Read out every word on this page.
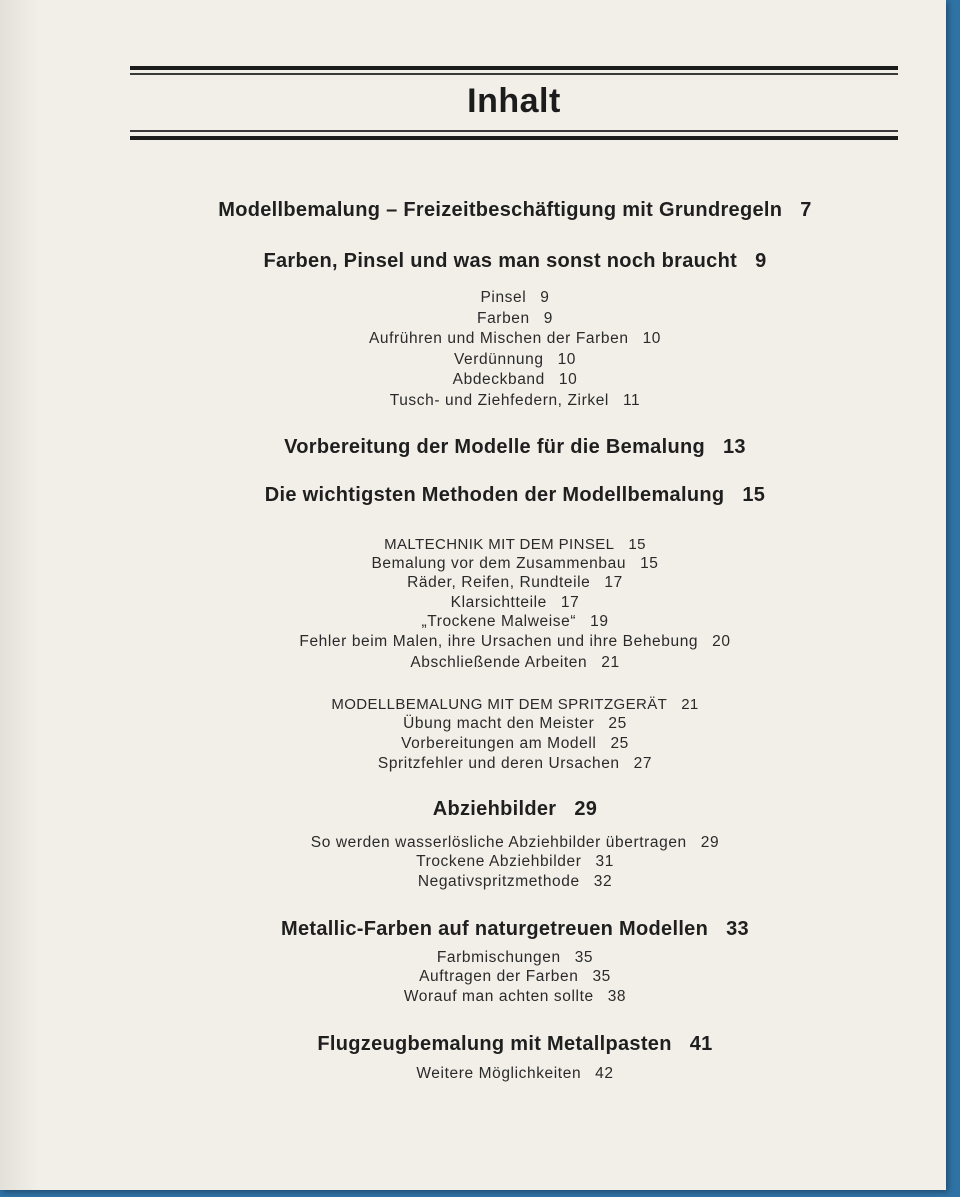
Inhalt
Modellbemalung – Freizeitbeschäftigung mit Grundregeln 7
Farben, Pinsel und was man sonst noch braucht 9
Pinsel 9
Farben 9
Aufrühren und Mischen der Farben 10
Verdünnung 10
Abdeckband 10
Tusch- und Ziehfedern, Zirkel 11
Vorbereitung der Modelle für die Bemalung 13
Die wichtigsten Methoden der Modellbemalung 15
MALTECHNIK MIT DEM PINSEL 15
Bemalung vor dem Zusammenbau 15
Räder, Reifen, Rundteile 17
Klarsichtteile 17
„Trockene Malweise“ 19
Fehler beim Malen, ihre Ursachen und ihre Behebung 20
Abschließende Arbeiten 21
MODELLBEMALUNG MIT DEM SPRITZGERÄT 21
Übung macht den Meister 25
Vorbereitungen am Modell 25
Spritzfehler und deren Ursachen 27
Abziehbilder 29
So werden wasserlösliche Abziehbilder übertragen 29
Trockene Abziehbilder 31
Negativspritzmethode 32
Metallic-Farben auf naturgetreuen Modellen 33
Farbmischungen 35
Auftragen der Farben 35
Worauf man achten sollte 38
Flugzeugbemalung mit Metallpasten 41
Weitere Möglichkeiten 42
